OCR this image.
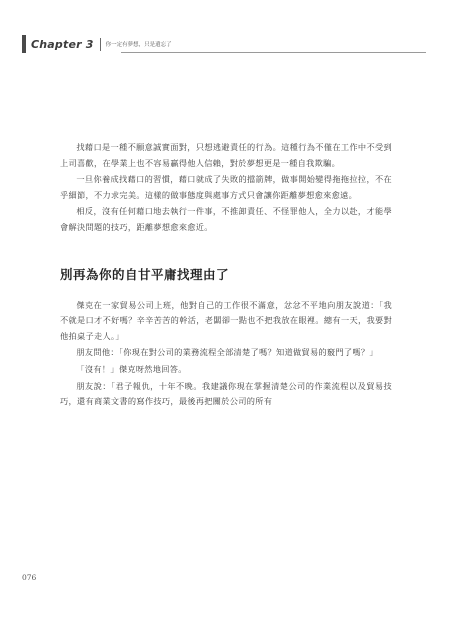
Chapter 3 你一定有夢想，只是遺忘了

找藉口是一種不願意誠實面對，只想逃避責任的行為。這種行為不僅在工作中不受到上司喜歡，在學業上也不容易贏得他人信賴，對於夢想更是一種自我欺騙。

一旦你養成找藉口的習慣，藉口就成了失敗的擋箭牌，做事開始變得拖拖拉拉，不在乎細節，不力求完美。這樣的做事態度與處事方式只會讓你距離夢想愈來愈遠。

相反，沒有任何藉口地去執行一件事，不推卸責任、不怪罪他人，全力以赴，才能學會解決問題的技巧，距離夢想愈來愈近。

別再為你的自甘平庸找理由了

傑克在一家貿易公司上班，他對自己的工作很不滿意，忿忿不平地向朋友說道：「我不就是口才不好嗎？辛辛苦苦的幹活，老闆卻一點也不把我放在眼裡。總有一天，我要對他拍桌子走人。」

朋友問他：「你現在對公司的業務流程全部清楚了嗎？知道做貿易的竅門了嗎？」

「沒有！」傑克呀然地回答。

朋友說：「君子報仇，十年不晚。我建議你現在掌握清楚公司的作業流程以及貿易技巧，還有商業文書的寫作技巧，最後再把關於公司的所有

076
